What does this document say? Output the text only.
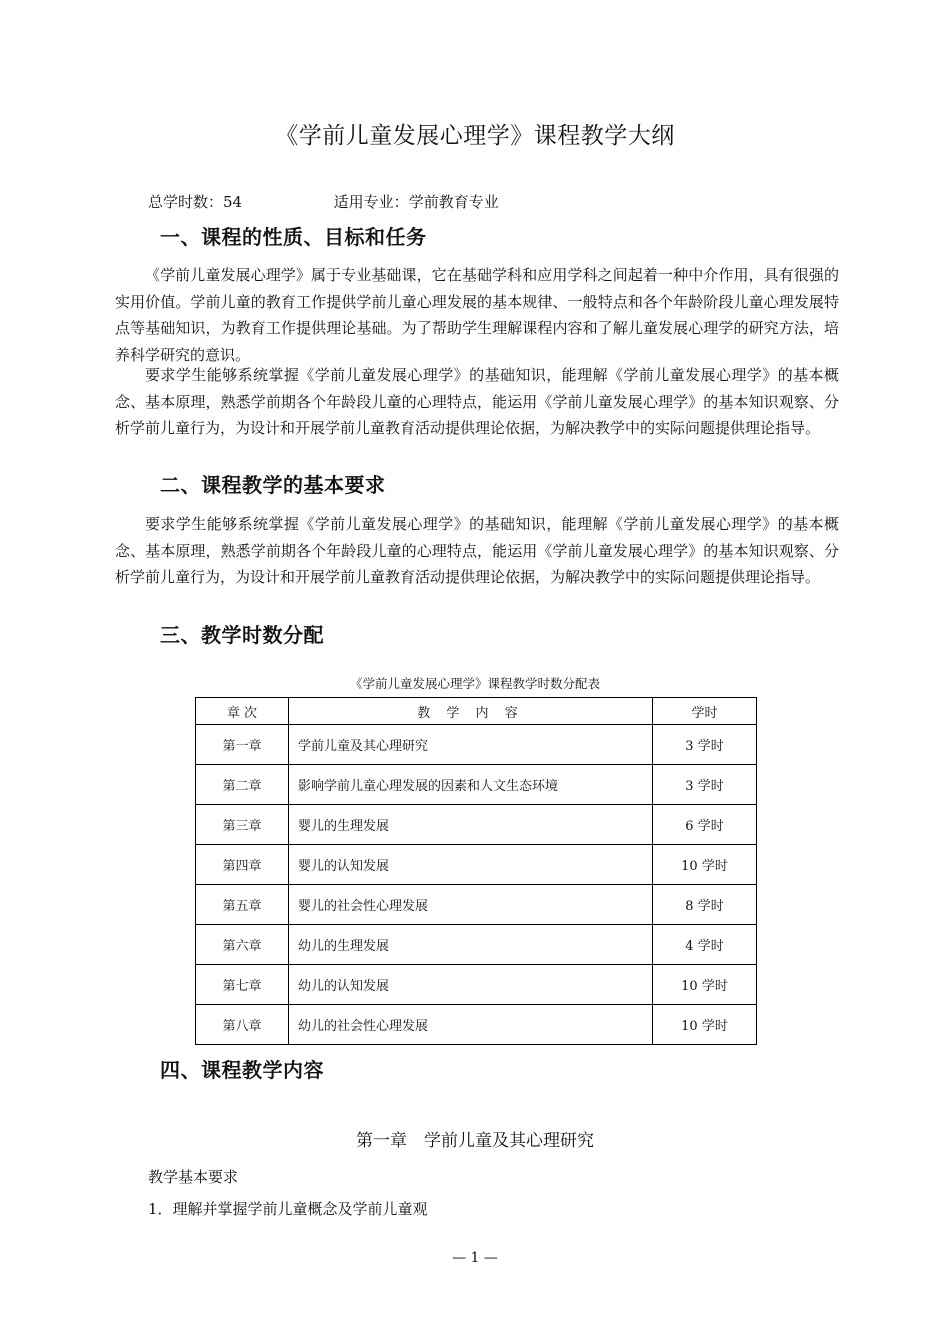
《学前儿童发展心理学》课程教学大纲
总学时数：54	适用专业：学前教育专业
一、课程的性质、目标和任务

《学前儿童发展心理学》属于专业基础课，它在基础学科和应用学科之间起着一种中介作用，具有很强的实用价值。学前儿童的教育工作提供学前儿童心理发展的基本规律、一般特点和各个年龄阶段儿童心理发展特点等基础知识，为教育工作提供理论基础。为了帮助学生理解课程内容和了解儿童发展心理学的研究方法，培养科学研究的意识。

要求学生能够系统掌握《学前儿童发展心理学》的基础知识，能理解《学前儿童发展心理学》的基本概念、基本原理，熟悉学前期各个年龄段儿童的心理特点，能运用《学前儿童发展心理学》的基本知识观察、分析学前儿童行为，为设计和开展学前儿童教育活动提供理论依据，为解决教学中的实际问题提供理论指导。

二、课程教学的基本要求

要求学生能够系统掌握《学前儿童发展心理学》的基础知识，能理解《学前儿童发展心理学》的基本概念、基本原理，熟悉学前期各个年龄段儿童的心理特点，能运用《学前儿童发展心理学》的基本知识观察、分析学前儿童行为，为设计和开展学前儿童教育活动提供理论依据，为解决教学中的实际问题提供理论指导。

三、教学时数分配
《学前儿童发展心理学》课程教学时数分配表
章 次	教 学 内 容	学时
第一章	学前儿童及其心理研究	3 学时
第二章	影响学前儿童心理发展的因素和人文生态环境	3 学时
第三章	婴儿的生理发展	6 学时
第四章	婴儿的认知发展	10 学时
第五章	婴儿的社会性心理发展	8 学时
第六章	幼儿的生理发展	4 学时
第七章	幼儿的认知发展	10 学时
第八章	幼儿的社会性心理发展	10 学时
四、课程教学内容
第一章　学前儿童及其心理研究
教学基本要求
1．理解并掌握学前儿童概念及学前儿童观
— 1 —
